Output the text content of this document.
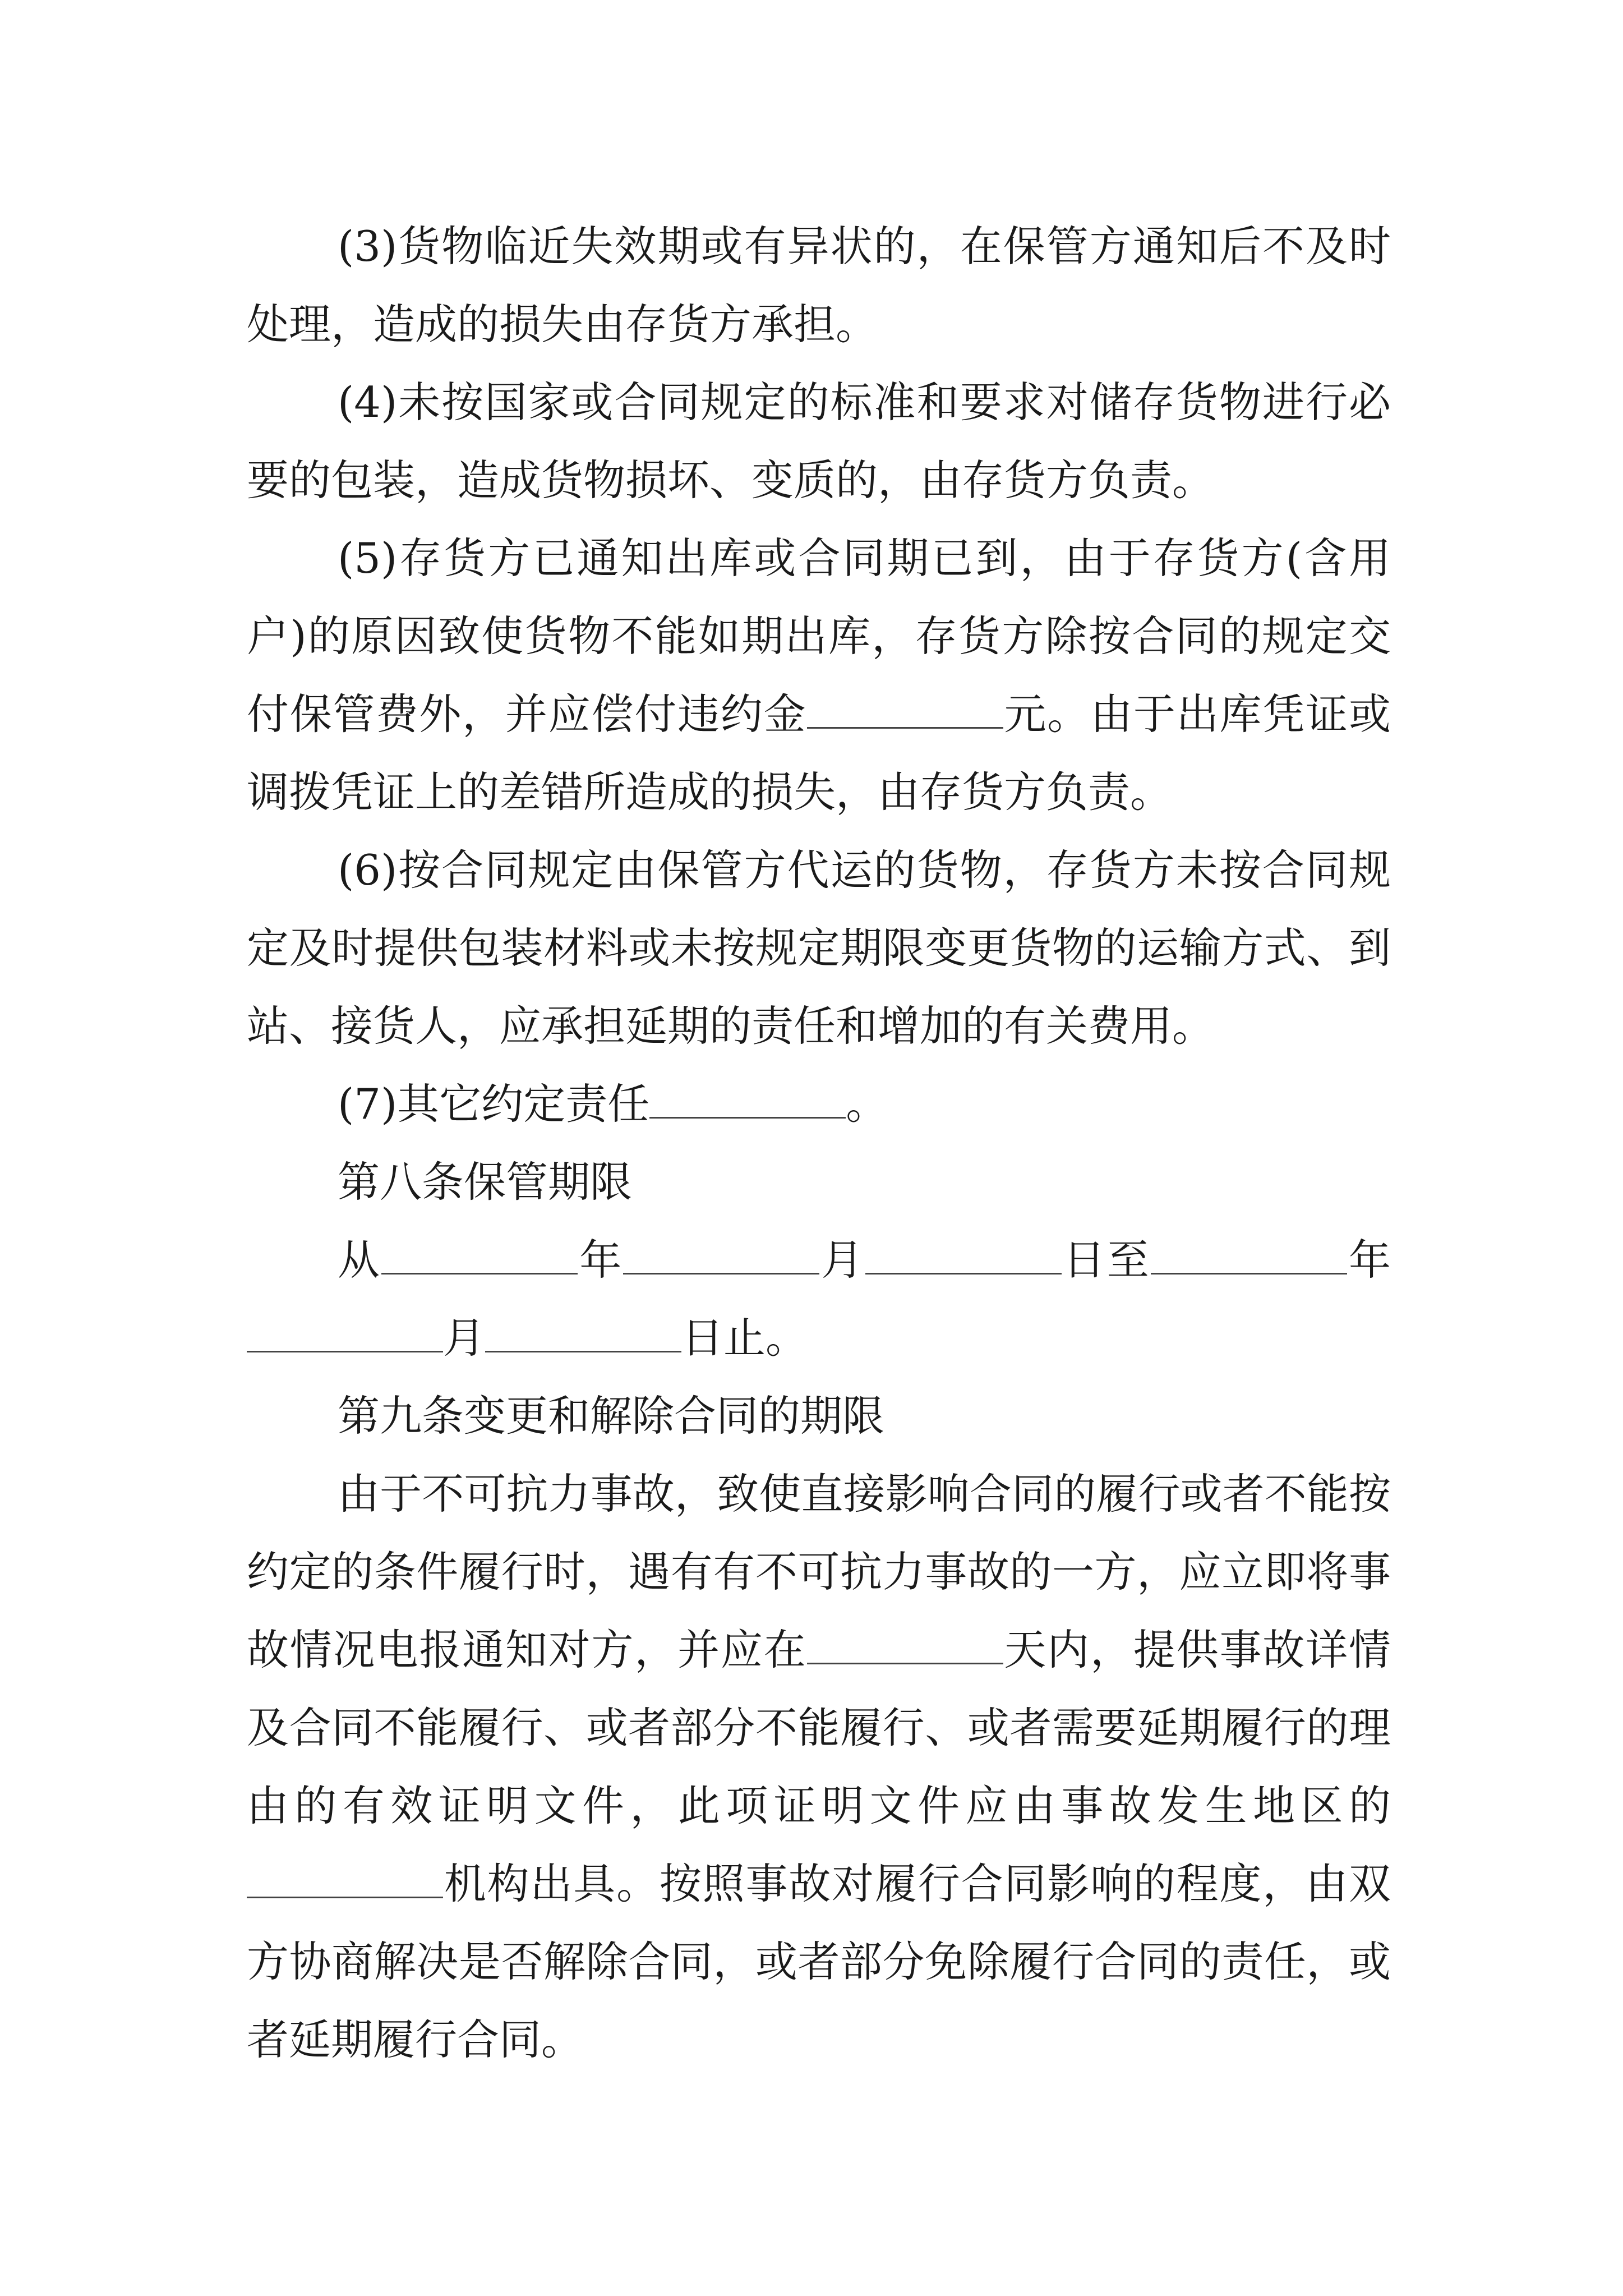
(3)货物临近失效期或有异状的，在保管方通知后不及时处理，造成的损失由存货方承担。

(4)未按国家或合同规定的标准和要求对储存货物进行必要的包装，造成货物损坏、变质的，由存货方负责。

(5)存货方已通知出库或合同期已到，由于存货方(含用户)的原因致使货物不能如期出库，存货方除按合同的规定交付保管费外，并应偿付违约金	元。由于出库凭证或调拨凭证上的差错所造成的损失，由存货方负责。

(6)按合同规定由保管方代运的货物，存货方未按合同规定及时提供包装材料或未按规定期限变更货物的运输方式、到站、接货人，应承担延期的责任和增加的有关费用。

(7)其它约定责任	。

第八条保管期限

从	年	月	日至	年月	日止。

第九条变更和解除合同的期限

由于不可抗力事故，致使直接影响合同的履行或者不能按约定的条件履行时，遇有有不可抗力事故的一方，应立即将事故情况电报通知对方，并应在	天内，提供事故详情及合同不能履行、或者部分不能履行、或者需要延期履行的理由的有效证明文件，此项证明文件应由事故发生地区的机构出具。按照事故对履行合同影响的程度，由双方协商解决是否解除合同，或者部分免除履行合同的责任，或者延期履行合同。
